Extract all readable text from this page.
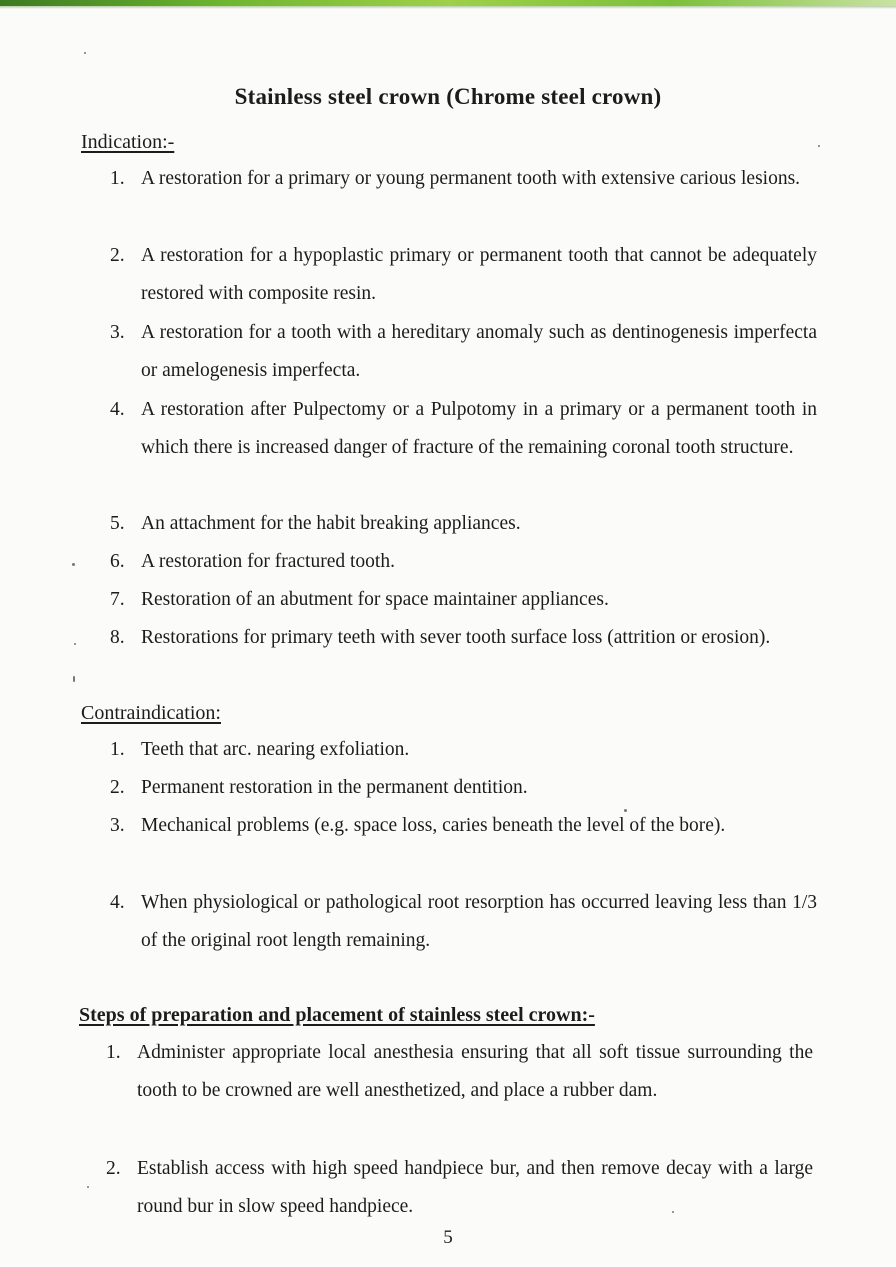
Stainless steel crown (Chrome steel crown)
Indication:-
1. A restoration for a primary or young permanent tooth with extensive carious lesions.
2. A restoration for a hypoplastic primary or permanent tooth that cannot be adequately restored with composite resin.
3. A restoration for a tooth with a hereditary anomaly such as dentinogenesis imperfecta or amelogenesis imperfecta.
4. A restoration after Pulpectomy or a Pulpotomy in a primary or a permanent tooth in which there is increased danger of fracture of the remaining coronal tooth structure.
5. An attachment for the habit breaking appliances.
6. A restoration for fractured tooth.
7. Restoration of an abutment for space maintainer appliances.
8. Restorations for primary teeth with sever tooth surface loss (attrition or erosion).
Contraindication:
1. Teeth that arc. nearing exfoliation.
2. Permanent restoration in the permanent dentition.
3. Mechanical problems (e.g. space loss, caries beneath the level of the bore).
4. When physiological or pathological root resorption has occurred leaving less than 1/3 of the original root length remaining.
Steps of preparation and placement of stainless steel crown:-
1. Administer appropriate local anesthesia ensuring that all soft tissue surrounding the tooth to be crowned are well anesthetized, and place a rubber dam.
2. Establish access with high speed handpiece bur, and then remove decay with a large round bur in slow speed handpiece.
5
